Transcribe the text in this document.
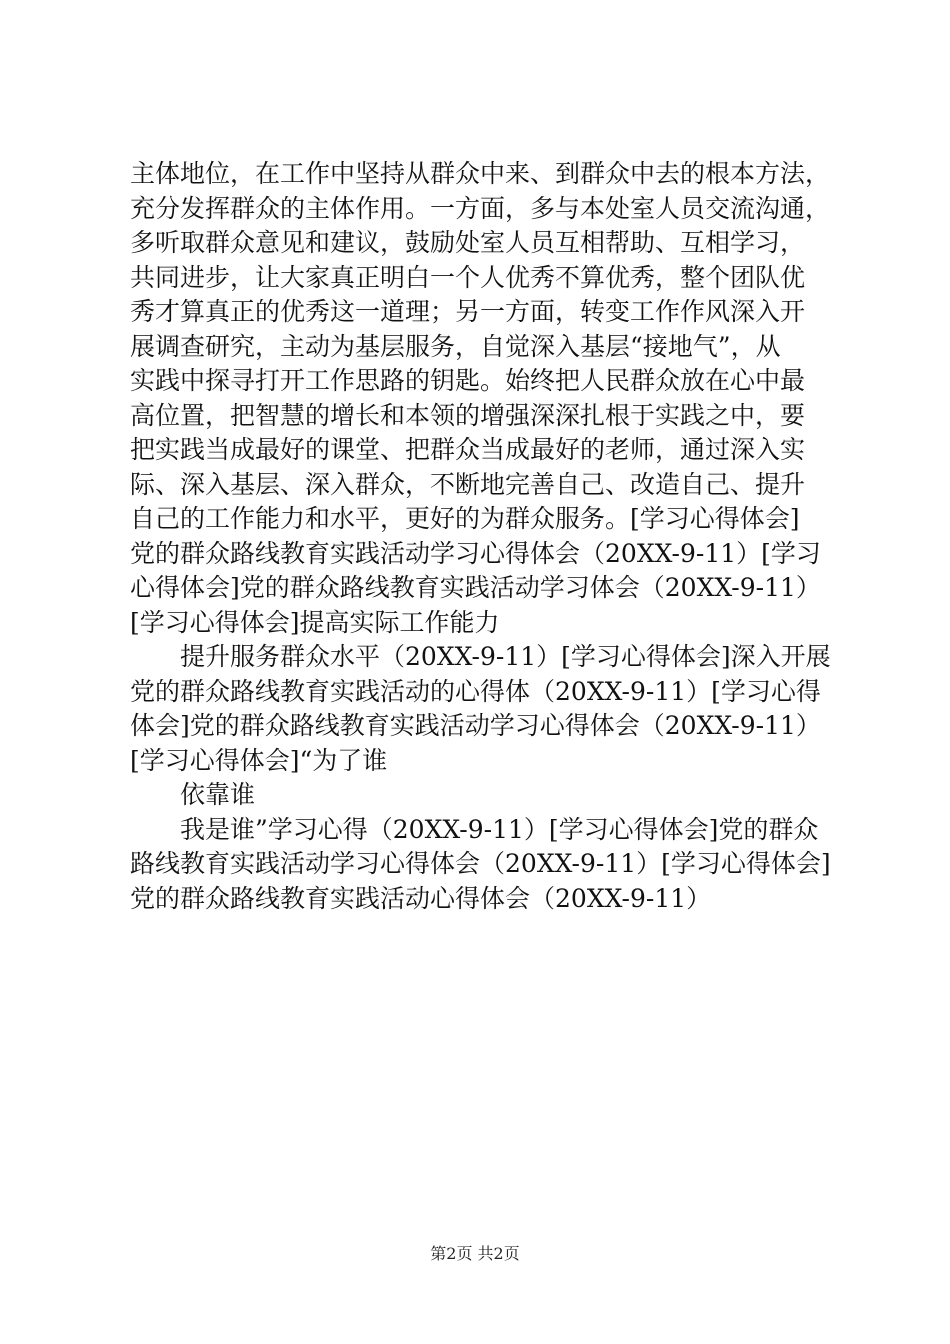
主体地位，在工作中坚持从群众中来、到群众中去的根本方法，
充分发挥群众的主体作用。一方面，多与本处室人员交流沟通，
多听取群众意见和建议，鼓励处室人员互相帮助、互相学习，
共同进步，让大家真正明白一个人优秀不算优秀，整个团队优
秀才算真正的优秀这一道理；另一方面，转变工作作风深入开
展调查研究，主动为基层服务，自觉深入基层“接地气”，从
实践中探寻打开工作思路的钥匙。始终把人民群众放在心中最
高位置，把智慧的增长和本领的增强深深扎根于实践之中，要
把实践当成最好的课堂、把群众当成最好的老师，通过深入实
际、深入基层、深入群众，不断地完善自己、改造自己、提升
自己的工作能力和水平，更好的为群众服务。[学习心得体会]
党的群众路线教育实践活动学习心得体会（20XX-9-11）[学习
心得体会]党的群众路线教育实践活动学习体会（20XX-9-11）
[学习心得体会]提高实际工作能力
提升服务群众水平（20XX-9-11）[学习心得体会]深入开展
党的群众路线教育实践活动的心得体（20XX-9-11）[学习心得
体会]党的群众路线教育实践活动学习心得体会（20XX-9-11）
[学习心得体会]“为了谁
依靠谁
我是谁”学习心得（20XX-9-11）[学习心得体会]党的群众
路线教育实践活动学习心得体会（20XX-9-11）[学习心得体会]
党的群众路线教育实践活动心得体会（20XX-9-11）
第2页 共2页
